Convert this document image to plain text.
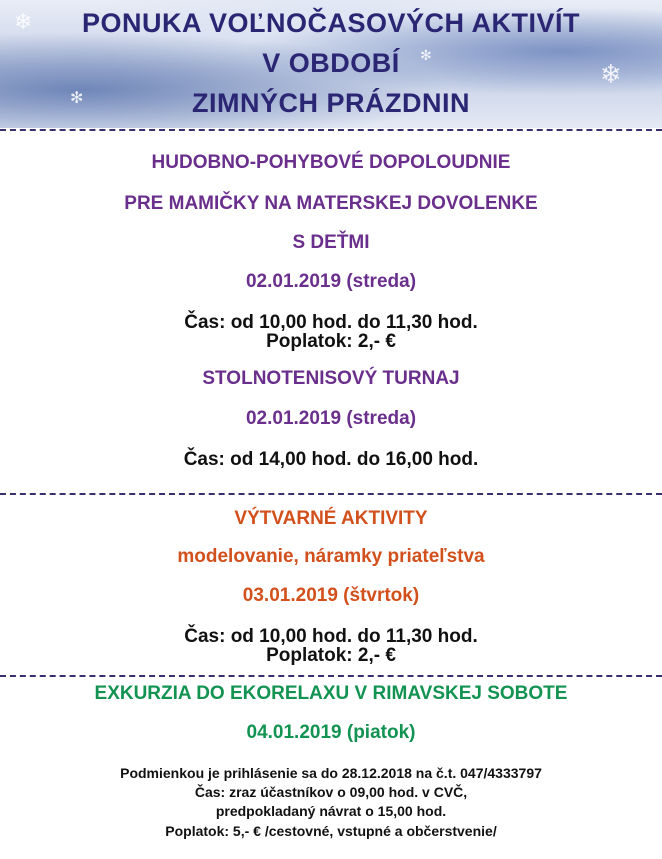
❄
❄
✻
✻
PONUKA VOĽNOČASOVÝCH AKTIVÍT
V OBDOBÍ
ZIMNÝCH PRÁZDNIN
HUDOBNO-POHYBOVÉ DOPOLOUDNIE
PRE MAMIČKY NA MATERSKEJ DOVOLENKE
S DEŤMI
02.01.2019 (streda)
Čas: od 10,00 hod. do 11,30 hod.
Poplatok: 2,- €
STOLNOTENISOVÝ TURNAJ
02.01.2019 (streda)
Čas: od 14,00 hod. do 16,00 hod.
VÝTVARNÉ AKTIVITY
modelovanie, náramky priateľstva
03.01.2019 (štvrtok)
Čas: od 10,00 hod. do 11,30 hod.
Poplatok: 2,- €
EXKURZIA DO EKORELAXU V RIMAVSKEJ SOBOTE
04.01.2019 (piatok)
Podmienkou je prihlásenie sa do 28.12.2018 na č.t. 047/4333797
Čas: zraz účastníkov o 09,00 hod. v CVČ,
predpokladaný návrat o 15,00 hod.
Poplatok: 5,- € /cestovné, vstupné a občerstvenie/
